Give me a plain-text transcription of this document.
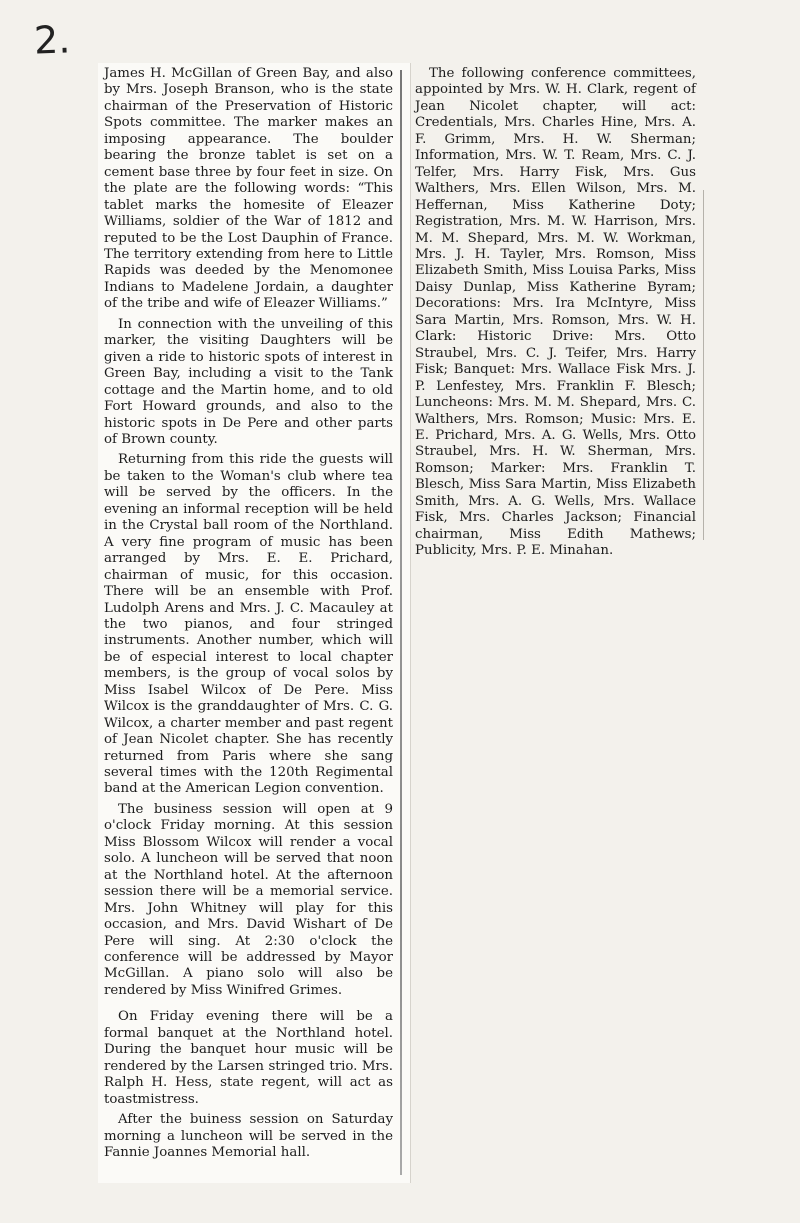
2.

James H. McGillan of Green Bay, and also by Mrs. Joseph Branson, who is the state chairman of the Preservation of Historic Spots committee. The marker makes an imposing appearance. The boulder bearing the bronze tablet is set on a cement base three by four feet in size. On the plate are the following words: “This tablet marks the homesite of Eleazer Williams, soldier of the War of 1812 and reputed to be the Lost Dauphin of France. The territory extending from here to Little Rapids was deeded by the Menomonee Indians to Madelene Jordain, a daughter of the tribe and wife of Eleazer Williams.”

In connection with the unveiling of this marker, the visiting Daughters will be given a ride to historic spots of interest in Green Bay, including a visit to the Tank cottage and the Martin home, and to old Fort Howard grounds, and also to the historic spots in De Pere and other parts of Brown county.

Returning from this ride the guests will be taken to the Woman's club where tea will be served by the officers. In the evening an informal reception will be held in the Crystal ball room of the Northland. A very fine program of music has been arranged by Mrs. E. E. Prichard, chairman of music, for this occasion. There will be an ensemble with Prof. Ludolph Arens and Mrs. J. C. Macauley at the two pianos, and four stringed instruments. Another number, which will be of especial interest to local chapter members, is the group of vocal solos by Miss Isabel Wilcox of De Pere. Miss Wilcox is the granddaughter of Mrs. C. G. Wilcox, a charter member and past regent of Jean Nicolet chapter. She has recently returned from Paris where she sang several times with the 120th Regimental band at the American Legion convention.

The business session will open at 9 o'clock Friday morning. At this session Miss Blossom Wilcox will render a vocal solo. A luncheon will be served that noon at the Northland hotel. At the afternoon session there will be a memorial service. Mrs. John Whitney will play for this occasion, and Mrs. David Wishart of De Pere will sing. At 2:30 o'clock the conference will be addressed by Mayor McGillan. A piano solo will also be rendered by Miss Winifred Grimes.

On Friday evening there will be a formal banquet at the Northland hotel. During the banquet hour music will be rendered by the Larsen stringed trio. Mrs. Ralph H. Hess, state regent, will act as toastmistress.

After the buiness session on Saturday morning a luncheon will be served in the Fannie Joannes Memorial hall.

The following conference committees, appointed by Mrs. W. H. Clark, regent of Jean Nicolet chapter, will act: Credentials, Mrs. Charles Hine, Mrs. A. F. Grimm, Mrs. H. W. Sherman; Information, Mrs. W. T. Ream, Mrs. C. J. Telfer, Mrs. Harry Fisk, Mrs. Gus Walthers, Mrs. Ellen Wilson, Mrs. M. Heffernan, Miss Katherine Doty; Registration, Mrs. M. W. Harrison, Mrs. M. M. Shepard, Mrs. M. W. Workman, Mrs. J. H. Tayler, Mrs. Romson, Miss Elizabeth Smith, Miss Louisa Parks, Miss Daisy Dunlap, Miss Katherine Byram; Decorations: Mrs. Ira McIntyre, Miss Sara Martin, Mrs. Romson, Mrs. W. H. Clark: Historic Drive: Mrs. Otto Straubel, Mrs. C. J. Teifer, Mrs. Harry Fisk; Banquet: Mrs. Wallace Fisk Mrs. J. P. Lenfestey, Mrs. Franklin F. Blesch; Luncheons: Mrs. M. M. Shepard, Mrs. C. Walthers, Mrs. Romson; Music: Mrs. E. E. Prichard, Mrs. A. G. Wells, Mrs. Otto Straubel, Mrs. H. W. Sherman, Mrs. Romson; Marker: Mrs. Franklin T. Blesch, Miss Sara Martin, Miss Elizabeth Smith, Mrs. A. G. Wells, Mrs. Wallace Fisk, Mrs. Charles Jackson; Financial chairman, Miss Edith Mathews; Publicity, Mrs. P. E. Minahan.
